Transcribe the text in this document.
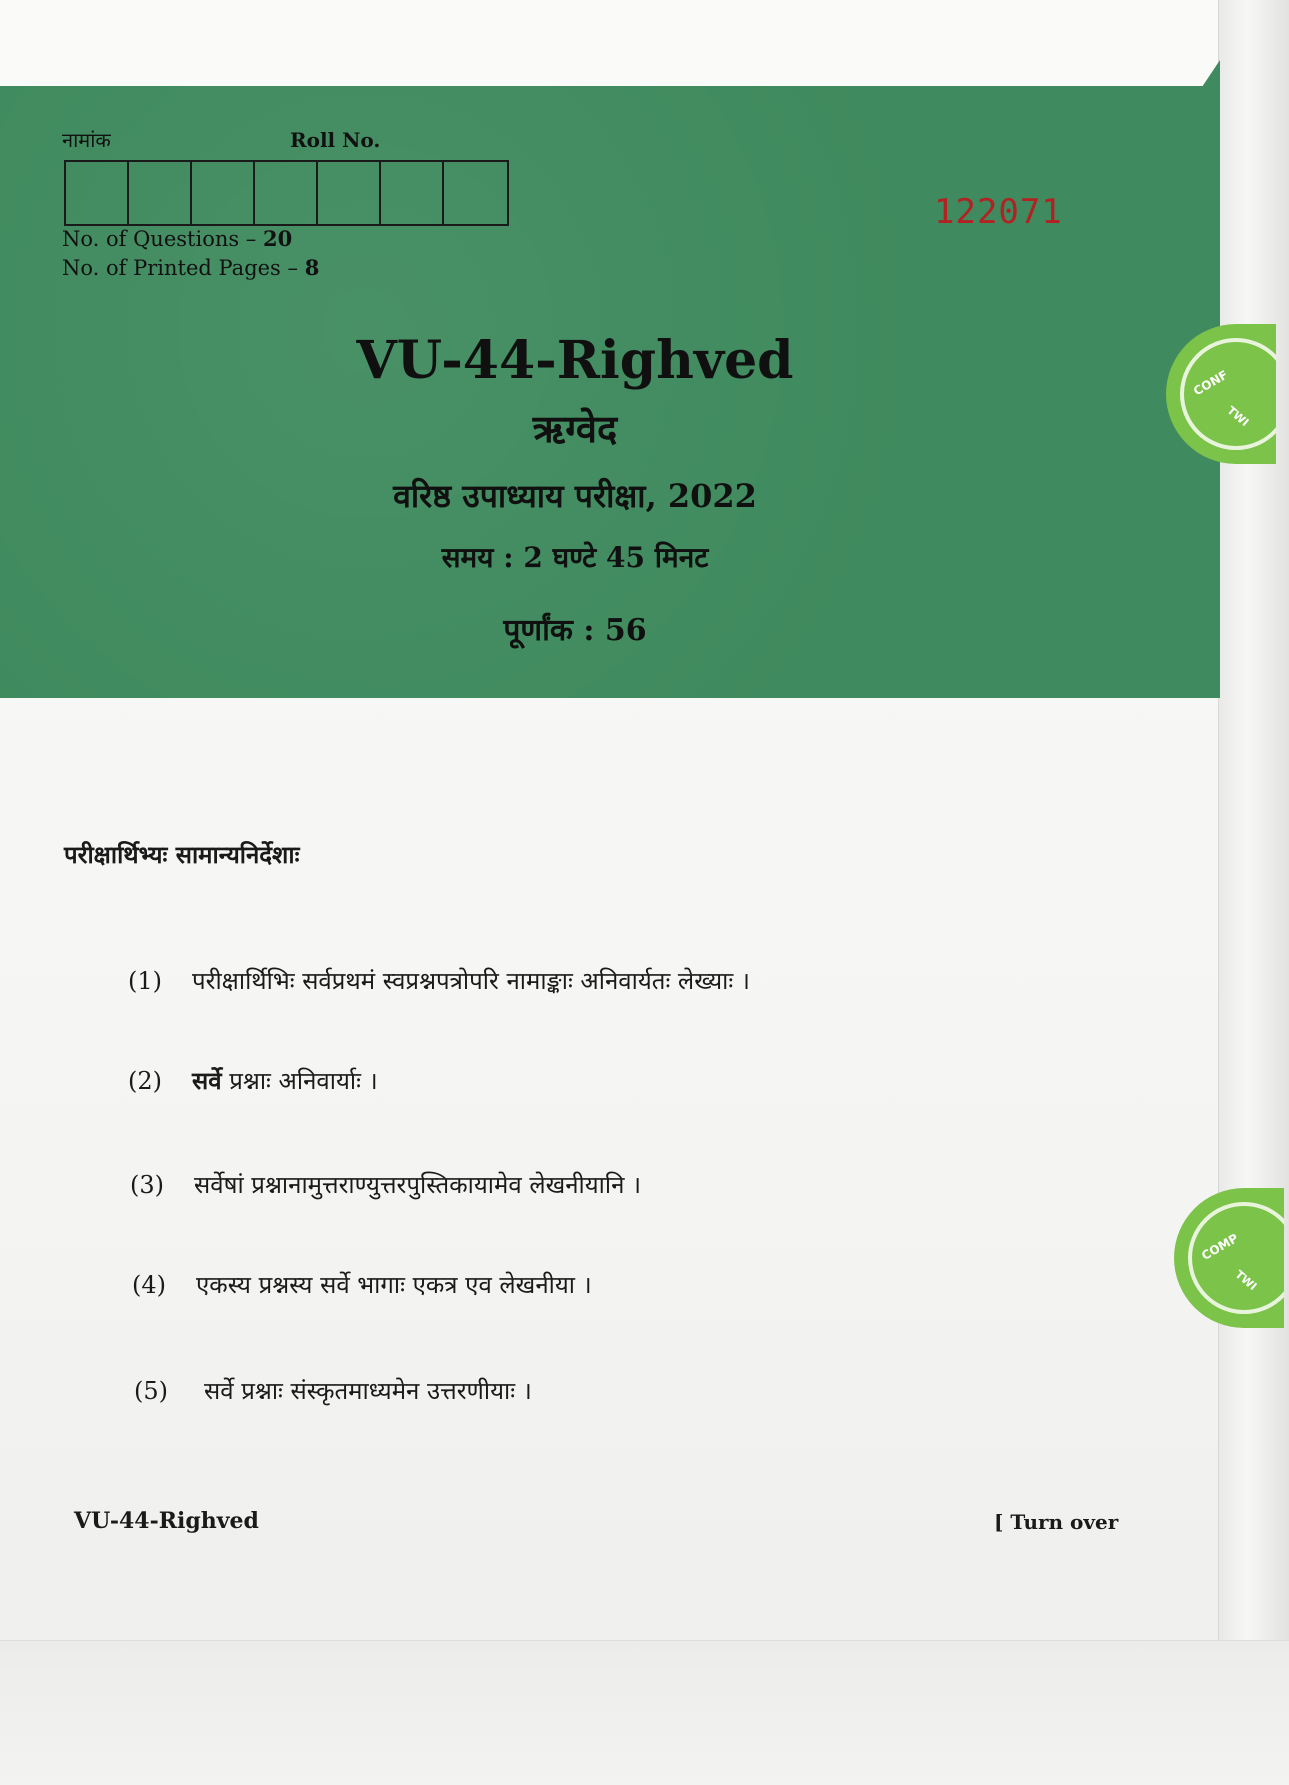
नामांक	Roll No.
No. of Questions – 20
No. of Printed Pages – 8
122071
VU-44-Righved
ऋग्वेद
वरिष्ठ उपाध्याय परीक्षा, 2022
समय : 2 घण्टे 45 मिनट
पूर्णांक : 56
CONF
TWI
COMP
TWI
परीक्षार्थिभ्यः सामान्यनिर्देशाः
(1) परीक्षार्थिभिः सर्वप्रथमं स्वप्रश्नपत्रोपरि नामाङ्काः अनिवार्यतः लेख्याः ।
(2) सर्वे प्रश्नाः अनिवार्याः ।
(3) सर्वेषां प्रश्नानामुत्तराण्युत्तरपुस्तिकायामेव लेखनीयानि ।
(4) एकस्य प्रश्नस्य सर्वे भागाः एकत्र एव लेखनीया ।
(5) सर्वे प्रश्नाः संस्कृतमाध्यमेन उत्तरणीयाः ।
VU-44-Righved	[ Turn over
